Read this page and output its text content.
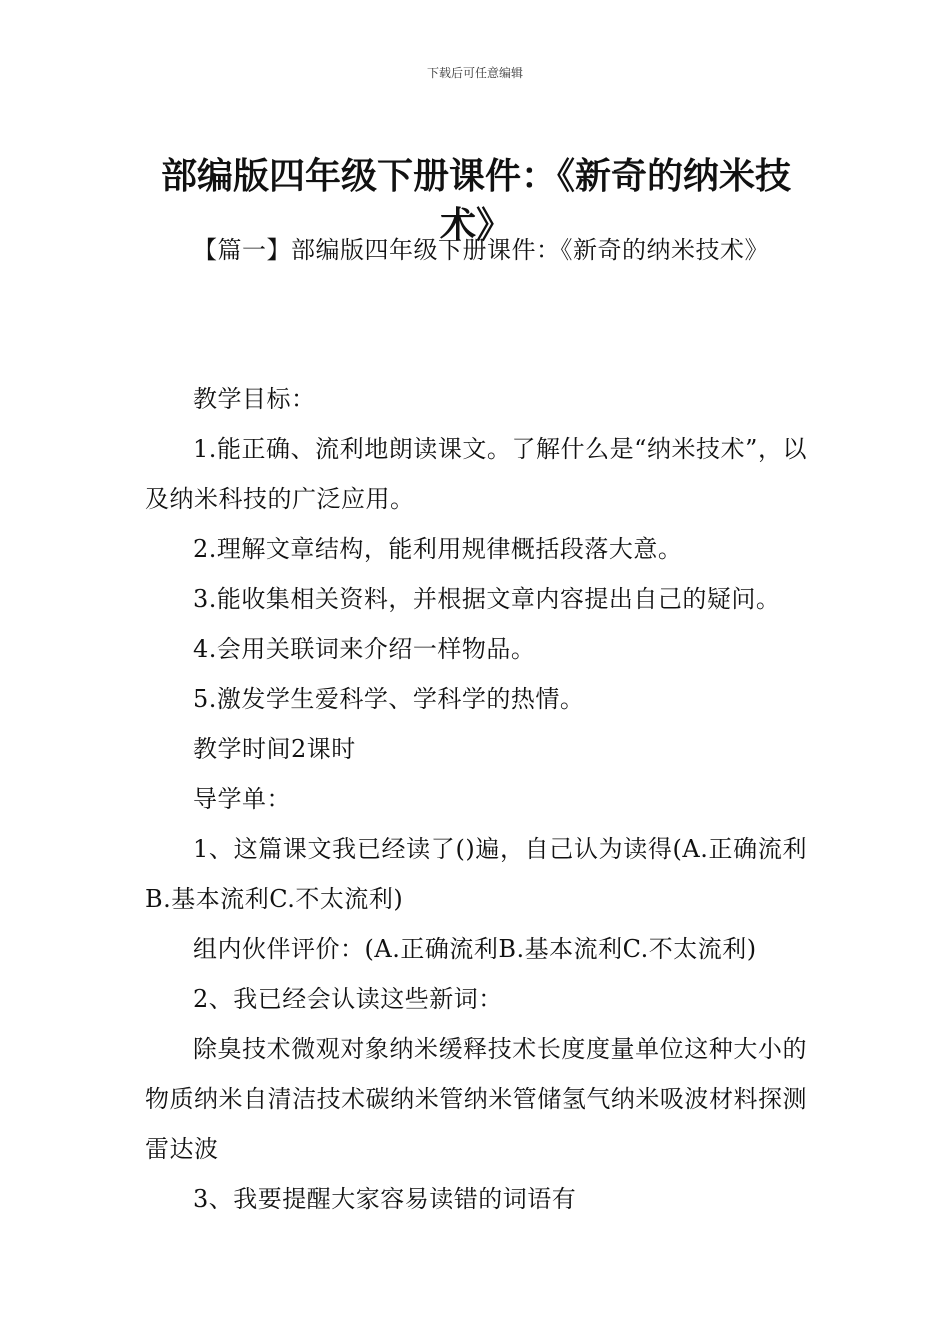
下载后可任意编辑
部编版四年级下册课件：《新奇的纳米技术》

【篇一】部编版四年级下册课件：《新奇的纳米技术》

教学目标：

1.能正确、流利地朗读课文。了解什么是“纳米技术”，以及纳米科技的广泛应用。

2.理解文章结构，能利用规律概括段落大意。

3.能收集相关资料，并根据文章内容提出自己的疑问。

4.会用关联词来介绍一样物品。

5.激发学生爱科学、学科学的热情。

教学时间2课时

导学单：

1、这篇课文我已经读了()遍，自己认为读得(A.正确流利B.基本流利C.不太流利)

组内伙伴评价：(A.正确流利B.基本流利C.不太流利)

2、我已经会认读这些新词：

除臭技术微观对象纳米缓释技术长度度量单位这种大小的物质纳米自清洁技术碳纳米管纳米管储氢气纳米吸波材料探测雷达波

3、我要提醒大家容易读错的词语有
